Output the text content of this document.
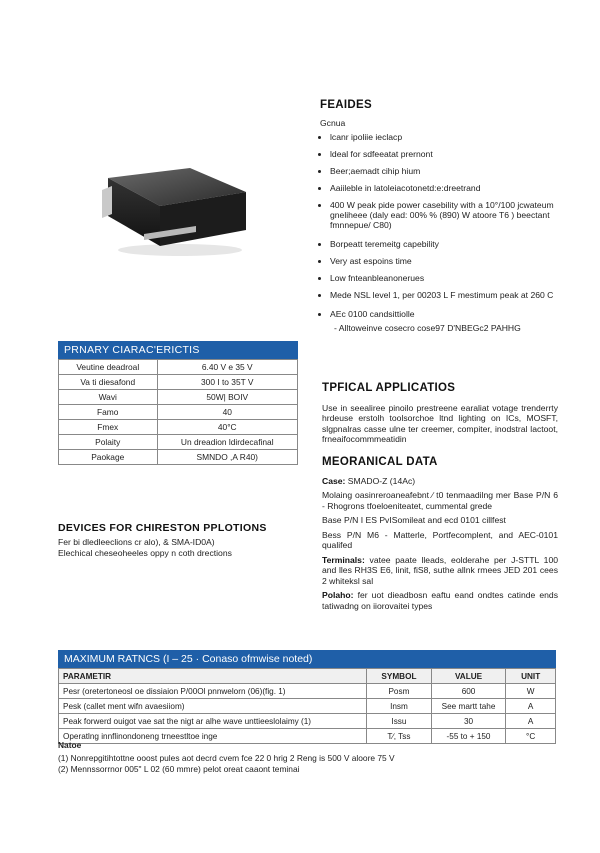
FEAIDES
Gcnua
• lcanr ipoliie ieclacp
• ldeal for sdfeeatat prernont
• Beer;aemadt cihip hium
• Aaiileble in latoleiacotonetd:e:dreetrand
• 400 W peak pide power casebility with a 10°/100 jcwateum gneliheee (daly ead: 00% % (890) W atoore T6 ) beectant fmnnepue/ C80)
• Borpeatt teremeitg capebility
• Very ast espoins time
• Low fnteanbleanonerues
• Mede NSL level 1, per 00203 L F mestimum peak at 260 C
• AEc 0100 candsittiolle
- Alltoweinve cosecro cose97 D'NBEGc2 PAHHG
PRNARY CIARAC'ERICTIS
Veutine deadroal	6.40 V e 35 V
Va ti diesafond	300 I to 35T V
Wavi	50W| BOIV
Famo	40
Fmex	40°C
Polaity	Un dreadion ldirdecafinal
Paokage	SMNDO ,A R40)
DEVICES FOR CHIRESTON PPLOTIONS
Fer bi dledleeclions cr alo), & SMA-ID0A)
Elechical cheseoheeles oppy n coth drections
TPFICAL APPLICATIOS

Use in seealiree pinoilo prestreene earaliat votage trenderrty hrdeuse erstolh toolsorchoe ltnd lighting on ICs, MOSFT, slgpnalras casse ulne ter creemer, compiter, inodstral lactoot, frneaifocommmeatidin

MEORANICAL DATA

Case: SMADO-Z (14Ac)

Molaing oasinreroaneafebnt ∕ t0 tenmaadilng mer Base P/N 6 - Rhogrons tfoeloeniteatet, cummental grede

Base P/N I ES PvISomileat and ecd 0101 cillfest

Bess P/N M6 - Matterle, Portfecomplent, and AEC-0101 qualifed

Terminals: vatee paate lleads, eolderahe per J-STTL 100 and lles RH3S E6, linit, fiS8, suthe allnk rmees JED 201 cees 2 whiteksl sal

Polaho: fer uot dieadbosn eaftu eand ondtes catinde ends tatiwadng on iiorovaitei types

MAXIMUM RATNCS (I – 25 · Conaso ofmwise noted)
PARAMETIR	SYMBOL	VALUE	UNIT
Pesr (oretertoneosl oe dissiaion P/00Ol pnnwelorn (06)(fig. 1)	Posm	600	W
Pesk (callet ment wifn avaesiiom)	Insm	See martt tahe	A
Peak forwerd ouigot vae sat the nigt ar alhe wave unttieeslolaimy (1)	Issu	30	A
Operatlng innflinondoneng trneestltoe inge	T∕, Tss	-55 to + 150	°C
Natoe
(1) Nonrepgitihtottne ooost pules aot decrd cvem fce 22 0 hrig 2 Reng is 500 V aloore 75 V
(2) Mennssorrnor 005" L 02 (60 mmre) pelot oreat caaont teminai
